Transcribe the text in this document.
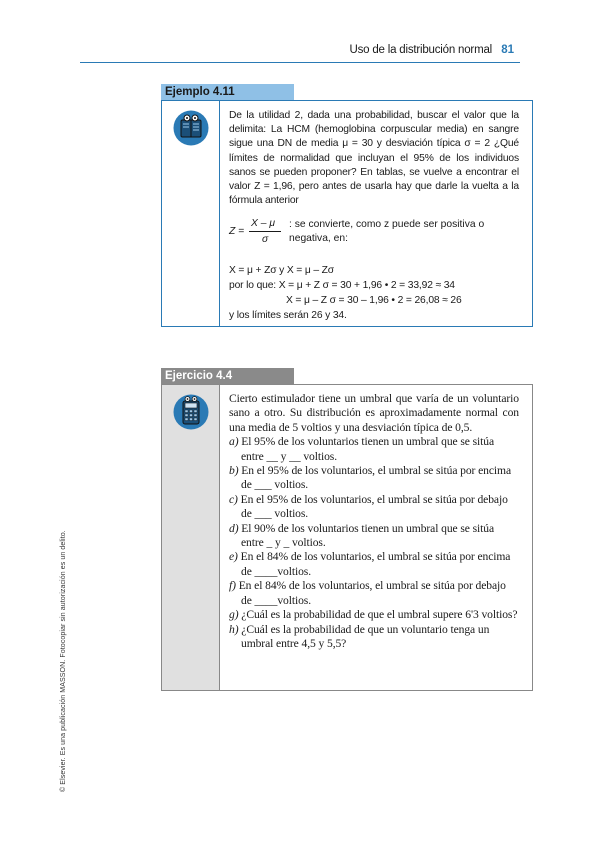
Uso de la distribución normal 81
Ejemplo 4.11
De la utilidad 2, dada una probabilidad, buscar el valor que la delimita: La HCM (hemoglobina corpuscular media) en sangre sigue una DN de media μ = 30 y desviación típica σ = 2 ¿Qué límites de normalidad que incluyan el 95% de los individuos sanos se pueden proponer? En tablas, se vuelve a encontrar el valor Z = 1,96, pero antes de usarla hay que darle la vuelta a la fórmula anterior
Z =
X – μ
σ
: se convierte, como z puede ser positiva o negativa, en:
X = μ + Zσ y X = μ – Zσ
por lo que: X = μ + Z σ = 30 + 1,96 • 2 = 33,92 ≈ 34
X = μ – Z σ = 30 – 1,96 • 2 = 26,08 ≈ 26
y los límites serán 26 y 34.
Ejercicio 4.4

Cierto estimulador tiene un umbral que varía de un voluntario sano a otro. Su distribución es aproximadamente normal con una media de 5 voltios y una desviación típica de 0,5.

a) El 95% de los voluntarios tienen un umbral que se sitúa entre __ y __ voltios.

b) En el 95% de los voluntarios, el umbral se sitúa por encima de ___ voltios.

c) En el 95% de los voluntarios, el umbral se sitúa por debajo de ___ voltios.

d) El 90% de los voluntarios tienen un umbral que se sitúa entre _ y _ voltios.

e) En el 84% de los voluntarios, el umbral se sitúa por encima de ____voltios.

f) En el 84% de los voluntarios, el umbral se sitúa por debajo de ____voltios.

g) ¿Cuál es la probabilidad de que el umbral supere 6'3 voltios?

h) ¿Cuál es la probabilidad de que un voluntario tenga un umbral entre 4,5 y 5,5?

© Elsevier. Es una publicación MASSON. Fotocopiar sin autorización es un delito.
